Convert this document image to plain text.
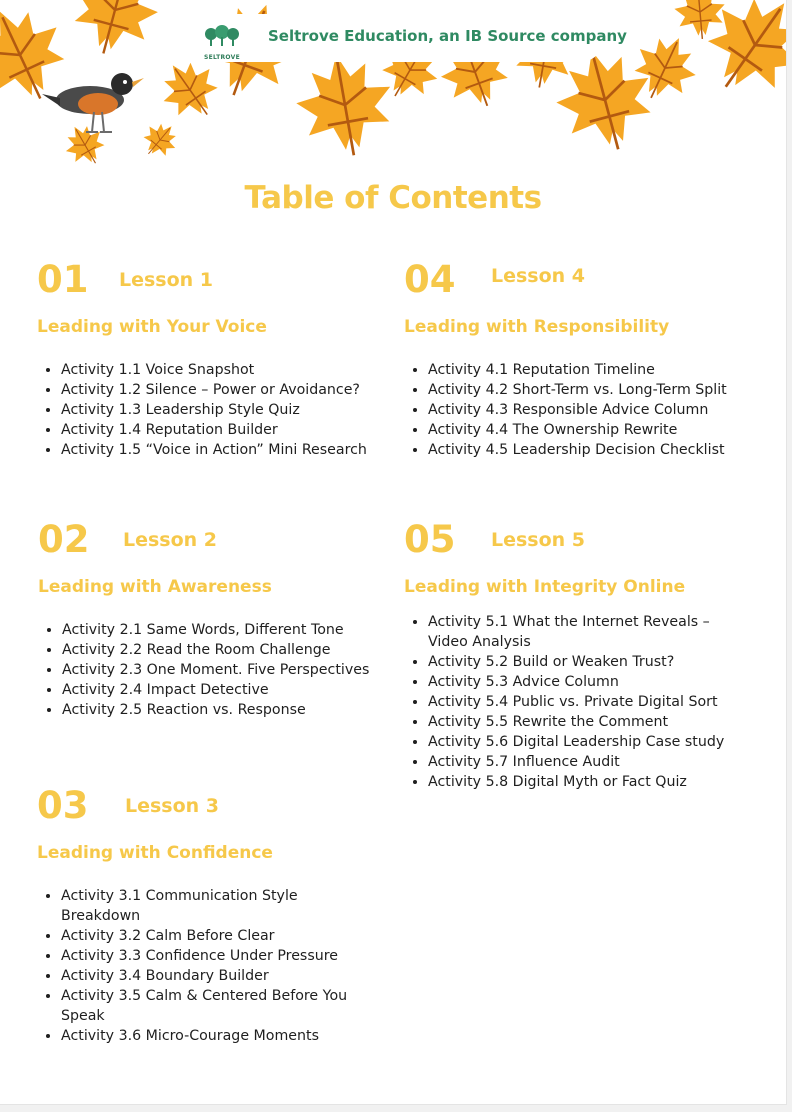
SELTROVE
Seltrove Education, an IB Source company
Table of Contents
01 Lesson 1
Leading with Your Voice
• Activity 1.1 Voice Snapshot
• Activity 1.2 Silence – Power or Avoidance?
• Activity 1.3 Leadership Style Quiz
• Activity 1.4 Reputation Builder
• Activity 1.5 “Voice in Action” Mini Research
02 Lesson 2
Leading with Awareness
• Activity 2.1 Same Words, Different Tone
• Activity 2.2 Read the Room Challenge
• Activity 2.3 One Moment. Five Perspectives
• Activity 2.4 Impact Detective
• Activity 2.5 Reaction vs. Response
03 Lesson 3
Leading with Confidence
• Activity 3.1 Communication Style Breakdown
• Activity 3.2 Calm Before Clear
• Activity 3.3 Confidence Under Pressure
• Activity 3.4 Boundary Builder
• Activity 3.5 Calm & Centered Before You Speak
• Activity 3.6 Micro-Courage Moments
04 Lesson 4
Leading with Responsibility
• Activity 4.1 Reputation Timeline
• Activity 4.2 Short-Term vs. Long-Term Split
• Activity 4.3 Responsible Advice Column
• Activity 4.4 The Ownership Rewrite
• Activity 4.5 Leadership Decision Checklist
05 Lesson 5
Leading with Integrity Online
• Activity 5.1 What the Internet Reveals – Video Analysis
• Activity 5.2 Build or Weaken Trust?
• Activity 5.3 Advice Column
• Activity 5.4 Public vs. Private Digital Sort
• Activity 5.5 Rewrite the Comment
• Activity 5.6 Digital Leadership Case study
• Activity 5.7 Influence Audit
• Activity 5.8 Digital Myth or Fact Quiz
